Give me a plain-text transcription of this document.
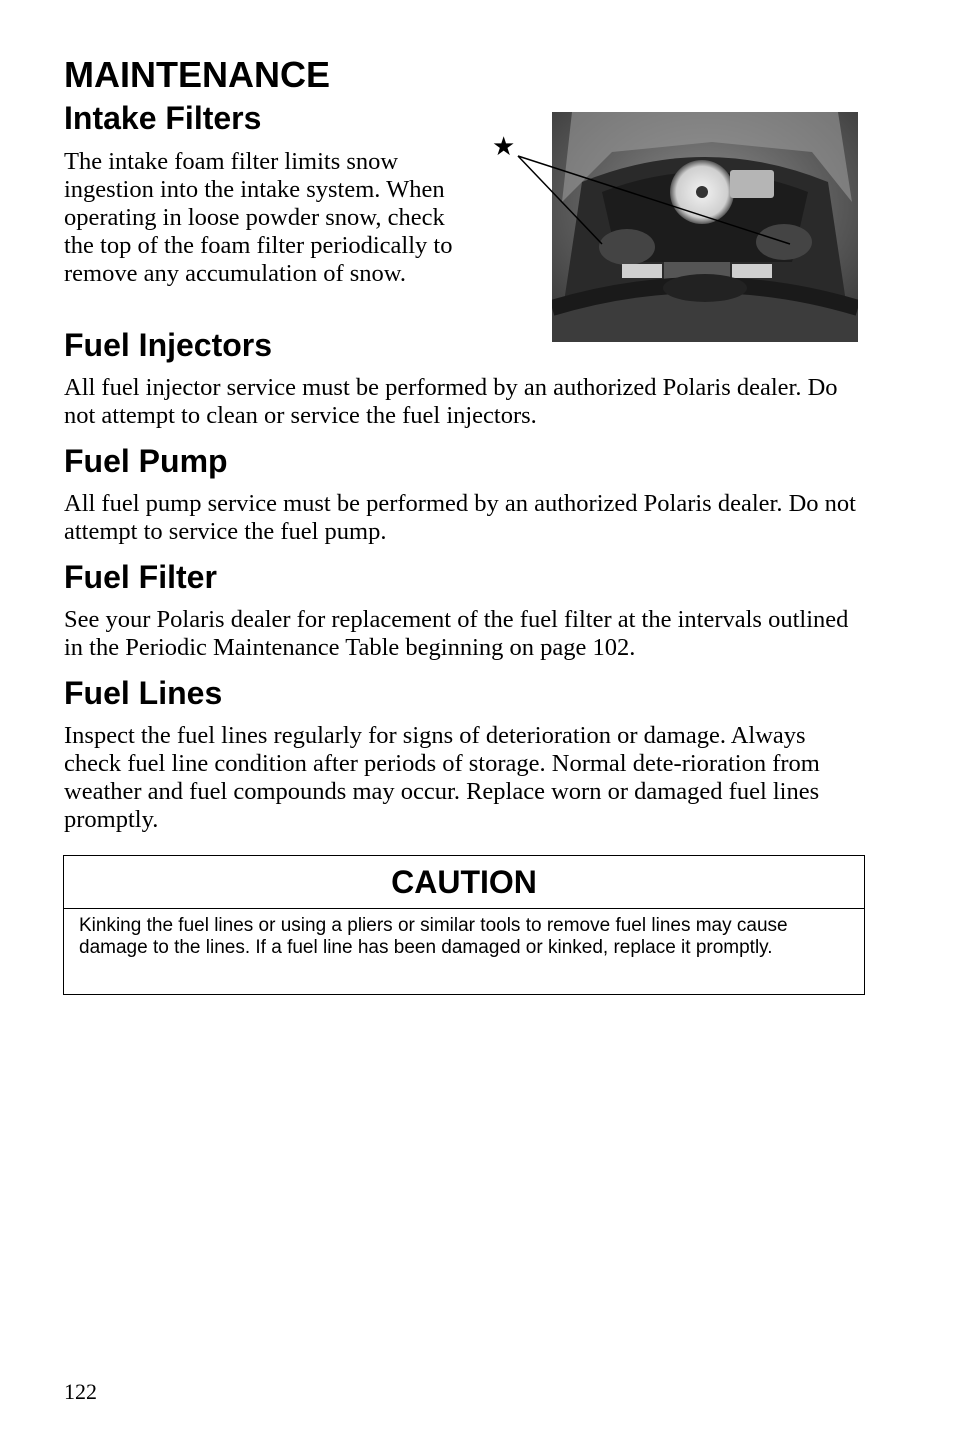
MAINTENANCE
Intake Filters

The intake foam filter limits snow ingestion into the intake system. When operating in loose powder snow, check the top of the foam filter periodically to remove any accumulation of snow.

★
Fuel Injectors

All fuel injector service must be performed by an authorized Polaris dealer. Do not attempt to clean or service the fuel injectors.

Fuel Pump

All fuel pump service must be performed by an authorized Polaris dealer. Do not attempt to service the fuel pump.

Fuel Filter

See your Polaris dealer for replacement of the fuel filter at the intervals outlined in the Periodic Maintenance Table beginning on page 102.

Fuel Lines

Inspect the fuel lines regularly for signs of deterioration or damage. Always check fuel line condition after periods of storage. Normal dete-rioration from weather and fuel compounds may occur. Replace worn or damaged fuel lines promptly.

CAUTION
Kinking the fuel lines or using a pliers or similar tools to remove fuel lines may cause damage to the lines. If a fuel line has been damaged or kinked, replace it promptly.
122
